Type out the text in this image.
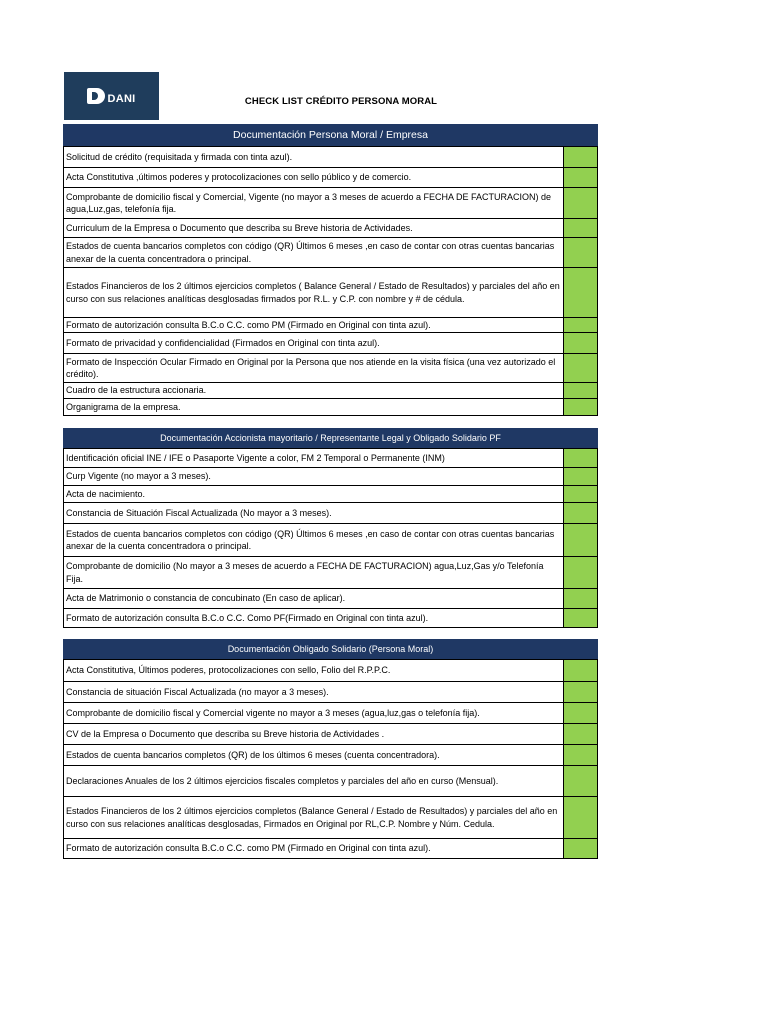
DANI	CHECK LIST CRÉDITO PERSONA MORAL
Documentación Persona Moral / Empresa
Solicitud de crédito (requisitada y firmada con tinta azul).	
Acta Constitutiva ,últimos poderes y protocolizaciones con sello público y de comercio.	
Comprobante de domicilio fiscal y Comercial, Vigente (no mayor a 3 meses de acuerdo a FECHA DE FACTURACION) de agua,Luz,gas, telefonía fija.	
Curriculum de la Empresa o Documento que describa su Breve historia de Actividades.	
Estados de cuenta bancarios completos con código (QR) Últimos 6 meses ,en caso de contar con otras cuentas bancarias anexar de la cuenta concentradora o principal.	
Estados Financieros de los 2 últimos ejercicios completos ( Balance General / Estado de Resultados) y parciales del año en curso con sus relaciones analíticas desglosadas firmados por R.L. y C.P. con nombre y # de cédula.	
Formato de autorización consulta B.C.o C.C. como PM (Firmado en Original con tinta azul).	
Formato de privacidad y confidencialidad (Firmados en Original con tinta azul).	
Formato de Inspección Ocular Firmado en Original por la Persona que nos atiende en la visita física (una vez autorizado el crédito).	
Cuadro de la estructura accionaria.	
Organigrama de la empresa.	
Documentación Accionista mayoritario / Representante Legal y Obligado Solidario PF
Identificación oficial INE / IFE o Pasaporte Vigente a color, FM 2 Temporal o Permanente (INM)	
Curp Vigente (no mayor a 3 meses).	
Acta de nacimiento.	
Constancia de Situación Fiscal Actualizada (No mayor a 3 meses).	
Estados de cuenta bancarios completos con código (QR) Últimos 6 meses ,en caso de contar con otras cuentas bancarias anexar de la cuenta concentradora o principal.	
Comprobante de domicilio (No mayor a 3 meses de acuerdo a FECHA DE FACTURACION) agua,Luz,Gas y/o Telefonía Fija.	
Acta de Matrimonio o constancia de concubinato (En caso de aplicar).	
Formato de autorización consulta B.C.o C.C. Como PF(Firmado en Original con tinta azul).	
Documentación Obligado Solidario (Persona Moral)
Acta Constitutiva, Últimos poderes, protocolizaciones con sello, Folio del R.P.P.C.	
Constancia de situación Fiscal Actualizada (no mayor a 3 meses).	
Comprobante de domicilio fiscal y Comercial vigente no mayor a 3 meses (agua,luz,gas o telefonía fija).	
CV de la Empresa o Documento que describa su Breve historia de Actividades .	
Estados de cuenta bancarios completos (QR) de los últimos 6 meses (cuenta concentradora).	
Declaraciones Anuales de los 2 últimos ejercicios fiscales completos y parciales del año en curso (Mensual).	
Estados Financieros de los 2 últimos ejercicios completos (Balance General / Estado de Resultados) y parciales del año en curso con sus relaciones analíticas desglosadas, Firmados en Original por RL,C.P. Nombre y Núm. Cedula.	
Formato de autorización consulta B.C.o C.C. como PM (Firmado en Original con tinta azul).	
